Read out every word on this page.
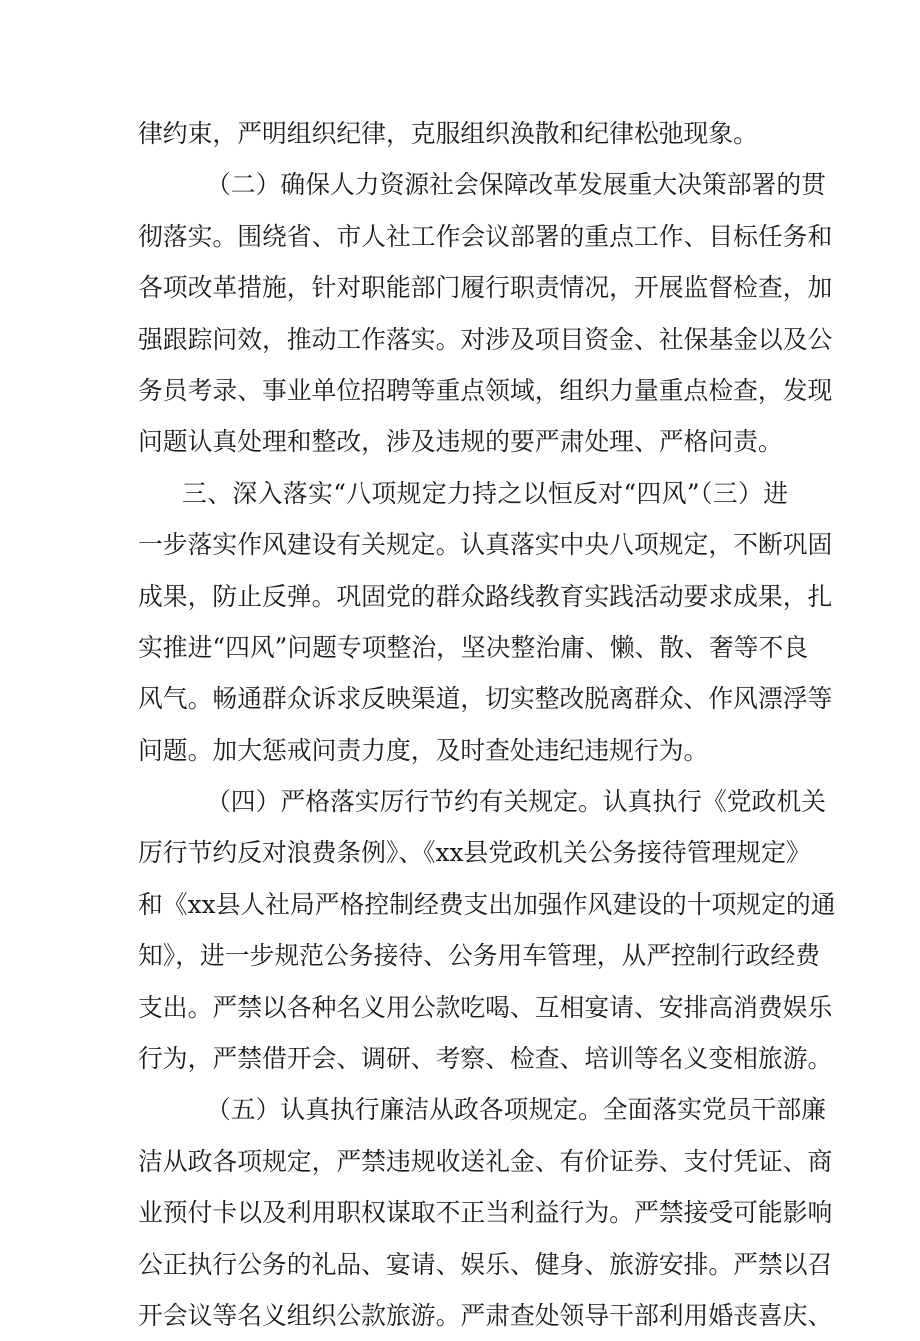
律约束，严明组织纪律，克服组织涣散和纪律松弛现象。
（二）确保人力资源社会保障改革发展重大决策部署的贯
彻落实。围绕省、市人社工作会议部署的重点工作、目标任务和
各项改革措施，针对职能部门履行职责情况，开展监督检查，加
强跟踪问效，推动工作落实。对涉及项目资金、社保基金以及公
务员考录、事业单位招聘等重点领域，组织力量重点检查，发现
问题认真处理和整改，涉及违规的要严肃处理、严格问责。
三、深入落实“八项规定力持之以恒反对“四风”（三）进
一步落实作风建设有关规定。认真落实中央八项规定，不断巩固
成果，防止反弹。巩固党的群众路线教育实践活动要求成果，扎
实推进“四风”问题专项整治，坚决整治庸、懒、散、奢等不良
风气。畅通群众诉求反映渠道，切实整改脱离群众、作风漂浮等
问题。加大惩戒问责力度，及时查处违纪违规行为。
（四）严格落实厉行节约有关规定。认真执行《党政机关
厉行节约反对浪费条例》、《xx县党政机关公务接待管理规定》
和《xx县人社局严格控制经费支出加强作风建设的十项规定的通
知》，进一步规范公务接待、公务用车管理，从严控制行政经费
支出。严禁以各种名义用公款吃喝、互相宴请、安排高消费娱乐
行为，严禁借开会、调研、考察、检查、培训等名义变相旅游。
（五）认真执行廉洁从政各项规定。全面落实党员干部廉
洁从政各项规定，严禁违规收送礼金、有价证券、支付凭证、商
业预付卡以及利用职权谋取不正当利益行为。严禁接受可能影响
公正执行公务的礼品、宴请、娱乐、健身、旅游安排。严禁以召
开会议等名义组织公款旅游。严肃查处领导干部利用婚丧喜庆、
